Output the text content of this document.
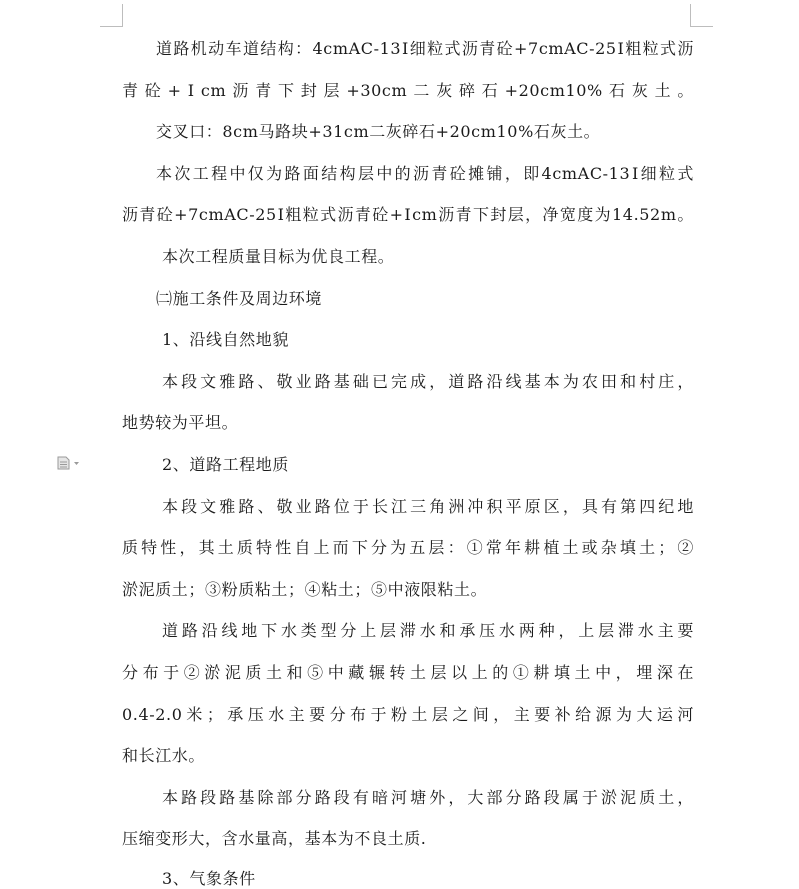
道路机动车道结构：4cmAC-13Ⅰ细粒式沥青砼+7cmAC-25Ⅰ粗粒式沥
青砼+Ⅰcm沥青下封层+30cm二灰碎石+20cm10%石灰土。
交叉口：8cm马路块+31cm二灰碎石+20cm10%石灰土。
本次工程中仅为路面结构层中的沥青砼摊铺，即4cmAC-13Ⅰ细粒式
沥青砼+7cmAC-25Ⅰ粗粒式沥青砼+Ⅰcm沥青下封层，净宽度为14.52m。
本次工程质量目标为优良工程。
㈡施工条件及周边环境
1、沿线自然地貌
本段文雅路、敬业路基础已完成，道路沿线基本为农田和村庄，
地势较为平坦。
2、道路工程地质
本段文雅路、敬业路位于长江三角洲冲积平原区，具有第四纪地
质特性，其土质特性自上而下分为五层：①常年耕植土或杂填土；②
淤泥质土；③粉质粘土；④粘土；⑤中液限粘土。
道路沿线地下水类型分上层滞水和承压水两种，上层滞水主要
分布于②淤泥质土和⑤中藏辗转土层以上的①耕填土中，埋深在
0.4-2.0米；承压水主要分布于粉土层之间，主要补给源为大运河
和长江水。
本路段路基除部分路段有暗河塘外，大部分路段属于淤泥质土，
压缩变形大，含水量高，基本为不良土质.
3、气象条件
